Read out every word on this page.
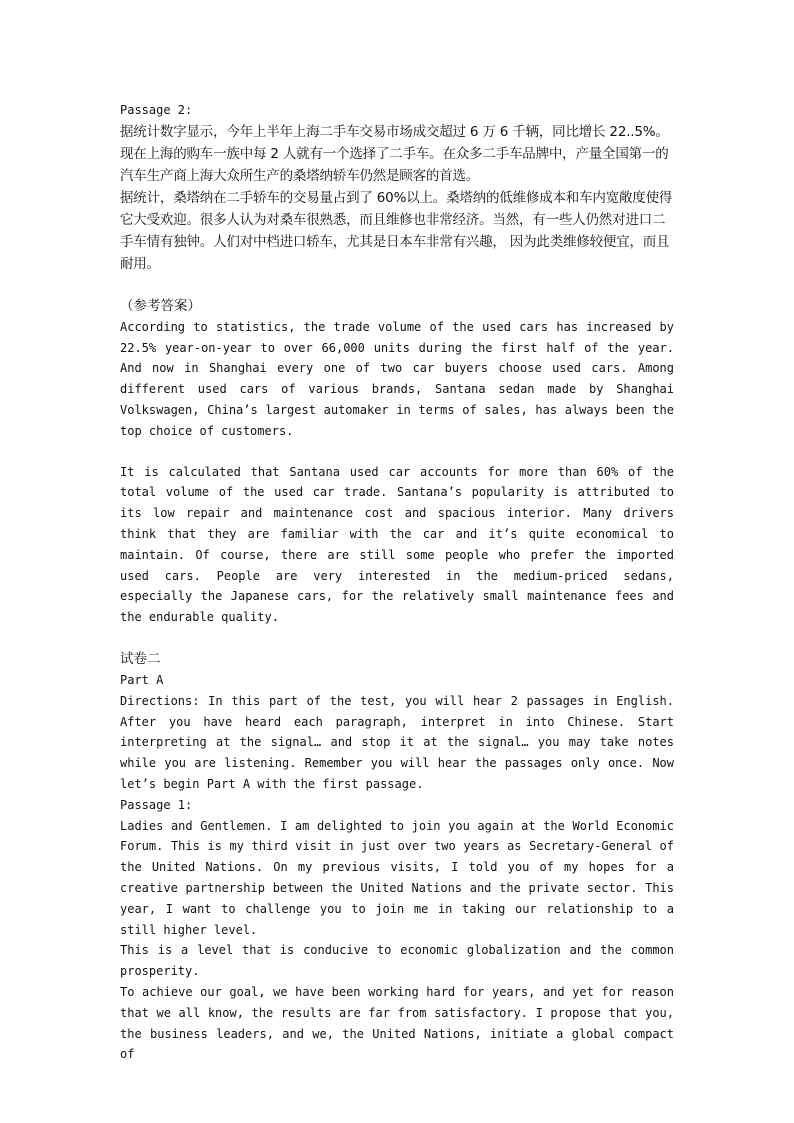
Passage 2:

据统计数字显示，今年上半年上海二手车交易市场成交超过 6 万 6 千辆，同比增长 22..5%。现在上海的购车一族中每 2 人就有一个选择了二手车。在众多二手车品牌中，产量全国第一的汽车生产商上海大众所生产的桑塔纳轿车仍然是顾客的首选。

据统计，桑塔纳在二手轿车的交易量占到了 60%以上。桑塔纳的低维修成本和车内宽敞度使得它大受欢迎。很多人认为对桑车很熟悉，而且维修也非常经济。当然，有一些人仍然对进口二手车情有独钟。人们对中档进口轿车，尤其是日本车非常有兴趣， 因为此类维修较便宜，而且耐用。

（参考答案）

According to statistics, the trade volume of the used cars has increased by 22.5% year-on-year to over 66,000 units during the first half of the year. And now in Shanghai every one of two car buyers choose used cars. Among different used cars of various brands, Santana sedan made by Shanghai Volkswagen, China’s largest automaker in terms of sales, has always been the top choice of customers.

It is calculated that Santana used car accounts for more than 60% of the total volume of the used car trade. Santana’s popularity is attributed to its low repair and maintenance cost and spacious interior. Many drivers think that they are familiar with the car and it’s quite economical to maintain. Of course, there are still some people who prefer the imported used cars. People are very interested in the medium-priced sedans, especially the Japanese cars, for the relatively small maintenance fees and the endurable quality.

试卷二

Part A

Directions: In this part of the test, you will hear 2 passages in English. After you have heard each paragraph, interpret in into Chinese. Start interpreting at the signal… and stop it at the signal… you may take notes while you are listening. Remember you will hear the passages only once. Now let’s begin Part A with the first passage.

Passage 1:

Ladies and Gentlemen. I am delighted to join you again at the World Economic Forum. This is my third visit in just over two years as Secretary-General of the United Nations. On my previous visits, I told you of my hopes for a creative partnership between the United Nations and the private sector. This year, I want to challenge you to join me in taking our relationship to a still higher level.

This is a level that is conducive to economic globalization and the common prosperity.

To achieve our goal, we have been working hard for years, and yet for reason that we all know, the results are far from satisfactory. I propose that you, the business leaders, and we, the United Nations, initiate a global compact of
